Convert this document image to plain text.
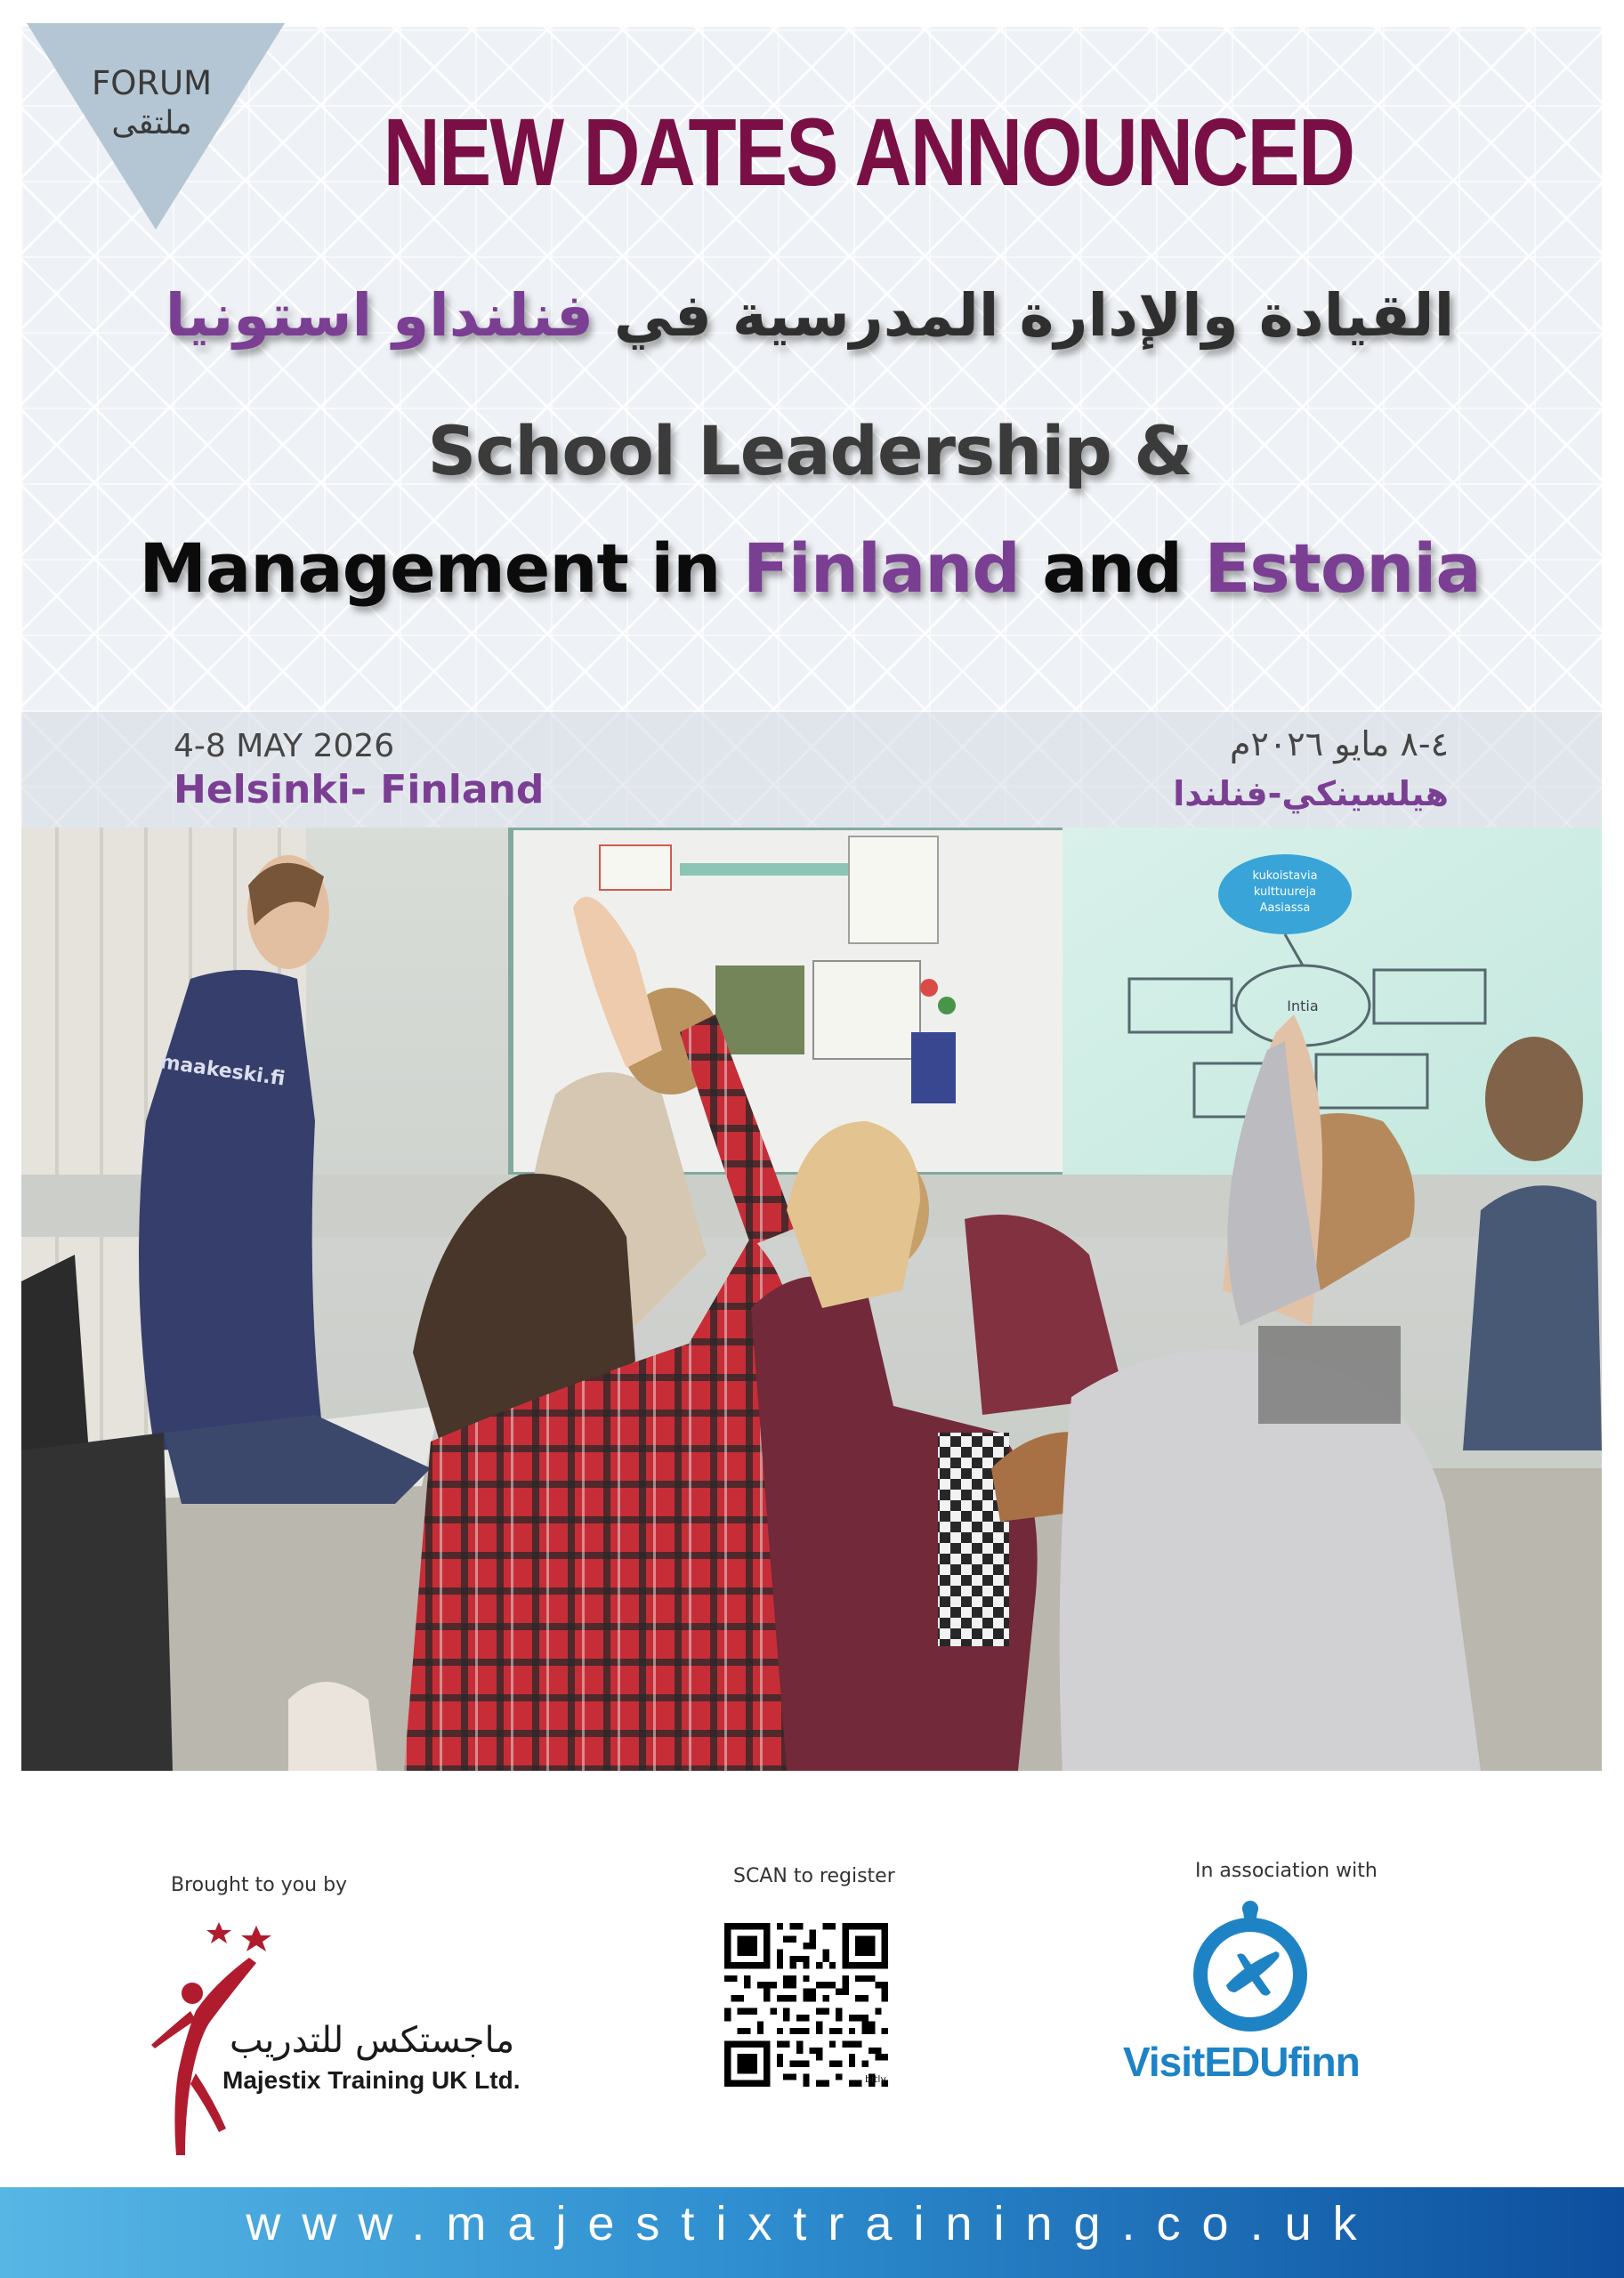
FORUM
ملتقى	NEW DATES ANNOUNCED
القيادة والإدارة المدرسية في فنلنداو استونيا
School Leadership &
Management in Finland and Estonia

4-8 MAY 2026

Helsinki- Finland

٤-٨ مايو ٢٠٢٦م

هيلسينكي-فنلندا

kukoistavia
kulttuureja
Aasiassa
Intia
maakeski.fi
Brought to you by	SCAN to register	In association with
ماجستكس للتدريب
Majestix Training UK Ltd.	bitly	VisitEDUfinn
www.majestixtraining.co.uk
